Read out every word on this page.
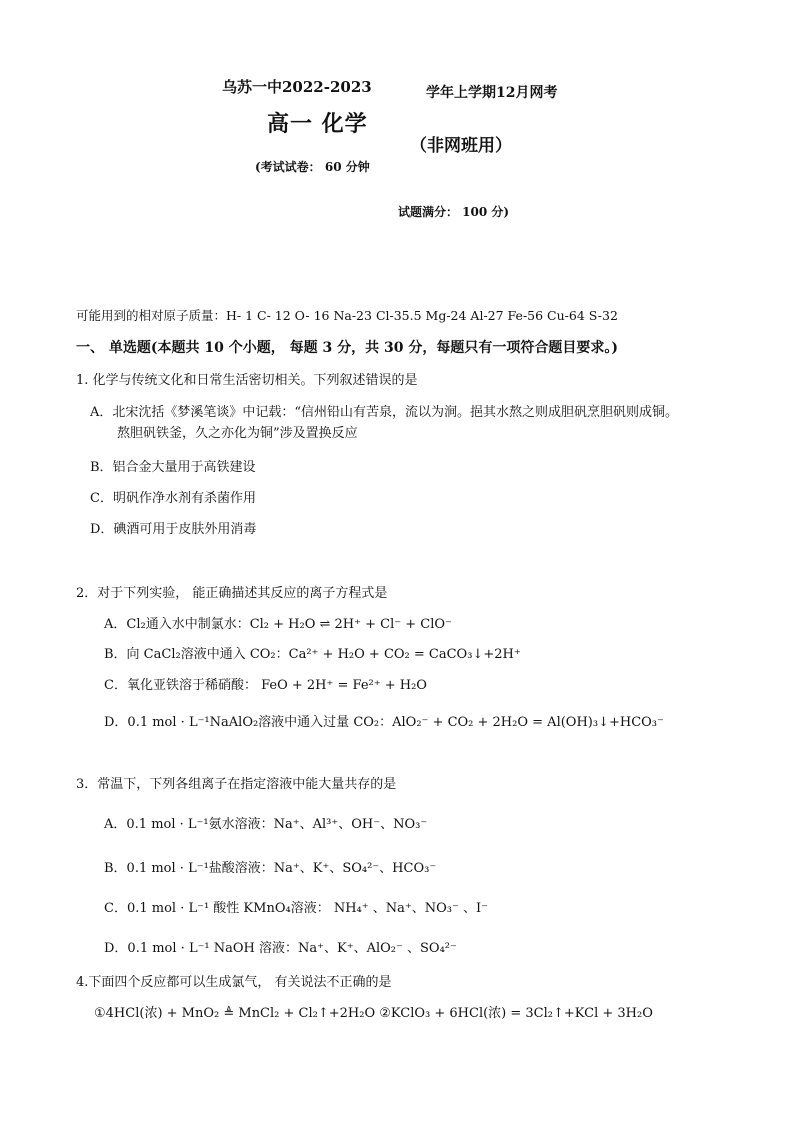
乌苏一中2022-2023	学年上学期12月网考
高一 化学
（非网班用）
(考试试卷： 60 分钟
试题满分： 100 分)
可能用到的相对原子质量：H- 1 C- 12 O- 16 Na-23 Cl-35.5 Mg-24 Al-27 Fe-56 Cu-64 S-32
一、 单选题(本题共 10 个小题， 每题 3 分，共 30 分，每题只有一项符合题目要求。)
1. 化学与传统文化和日常生活密切相关。下列叙述错误的是
A．北宋沈括《梦溪笔谈》中记载：“信州铅山有苦泉，流以为涧。挹其水熬之则成胆矾烹胆矾则成铜。
熬胆矾铁釜，久之亦化为铜”涉及置换反应
B．铝合金大量用于高铁建设
C．明矾作净水剂有杀菌作用
D．碘酒可用于皮肤外用消毒
2．对于下列实验， 能正确描述其反应的离子方程式是
A．Cl₂通入水中制氯水：Cl₂ + H₂O ⇌ 2H⁺ + Cl⁻ + ClO⁻
B．向 CaCl₂溶液中通入 CO₂：Ca²⁺ + H₂O + CO₂ = CaCO₃↓+2H⁺
C．氧化亚铁溶于稀硝酸： FeO + 2H⁺ = Fe²⁺ + H₂O
D．0.1 mol · L⁻¹NaAlO₂溶液中通入过量 CO₂：AlO₂⁻ + CO₂ + 2H₂O = Al(OH)₃↓+HCO₃⁻
3．常温下，下列各组离子在指定溶液中能大量共存的是
A．0.1 mol · L⁻¹氨水溶液：Na⁺、Al³⁺、OH⁻、NO₃⁻
B．0.1 mol · L⁻¹盐酸溶液：Na⁺、K⁺、SO₄²⁻、HCO₃⁻
C．0.1 mol · L⁻¹ 酸性 KMnO₄溶液： NH₄⁺ 、Na⁺、NO₃⁻ 、I⁻
D．0.1 mol · L⁻¹ NaOH 溶液：Na⁺、K⁺、AlO₂⁻ 、SO₄²⁻
4.下面四个反应都可以生成氯气， 有关说法不正确的是
①4HCl(浓) + MnO₂ ≜ MnCl₂ + Cl₂↑+2H₂O ②KClO₃ + 6HCl(浓) = 3Cl₂↑+KCl + 3H₂O
